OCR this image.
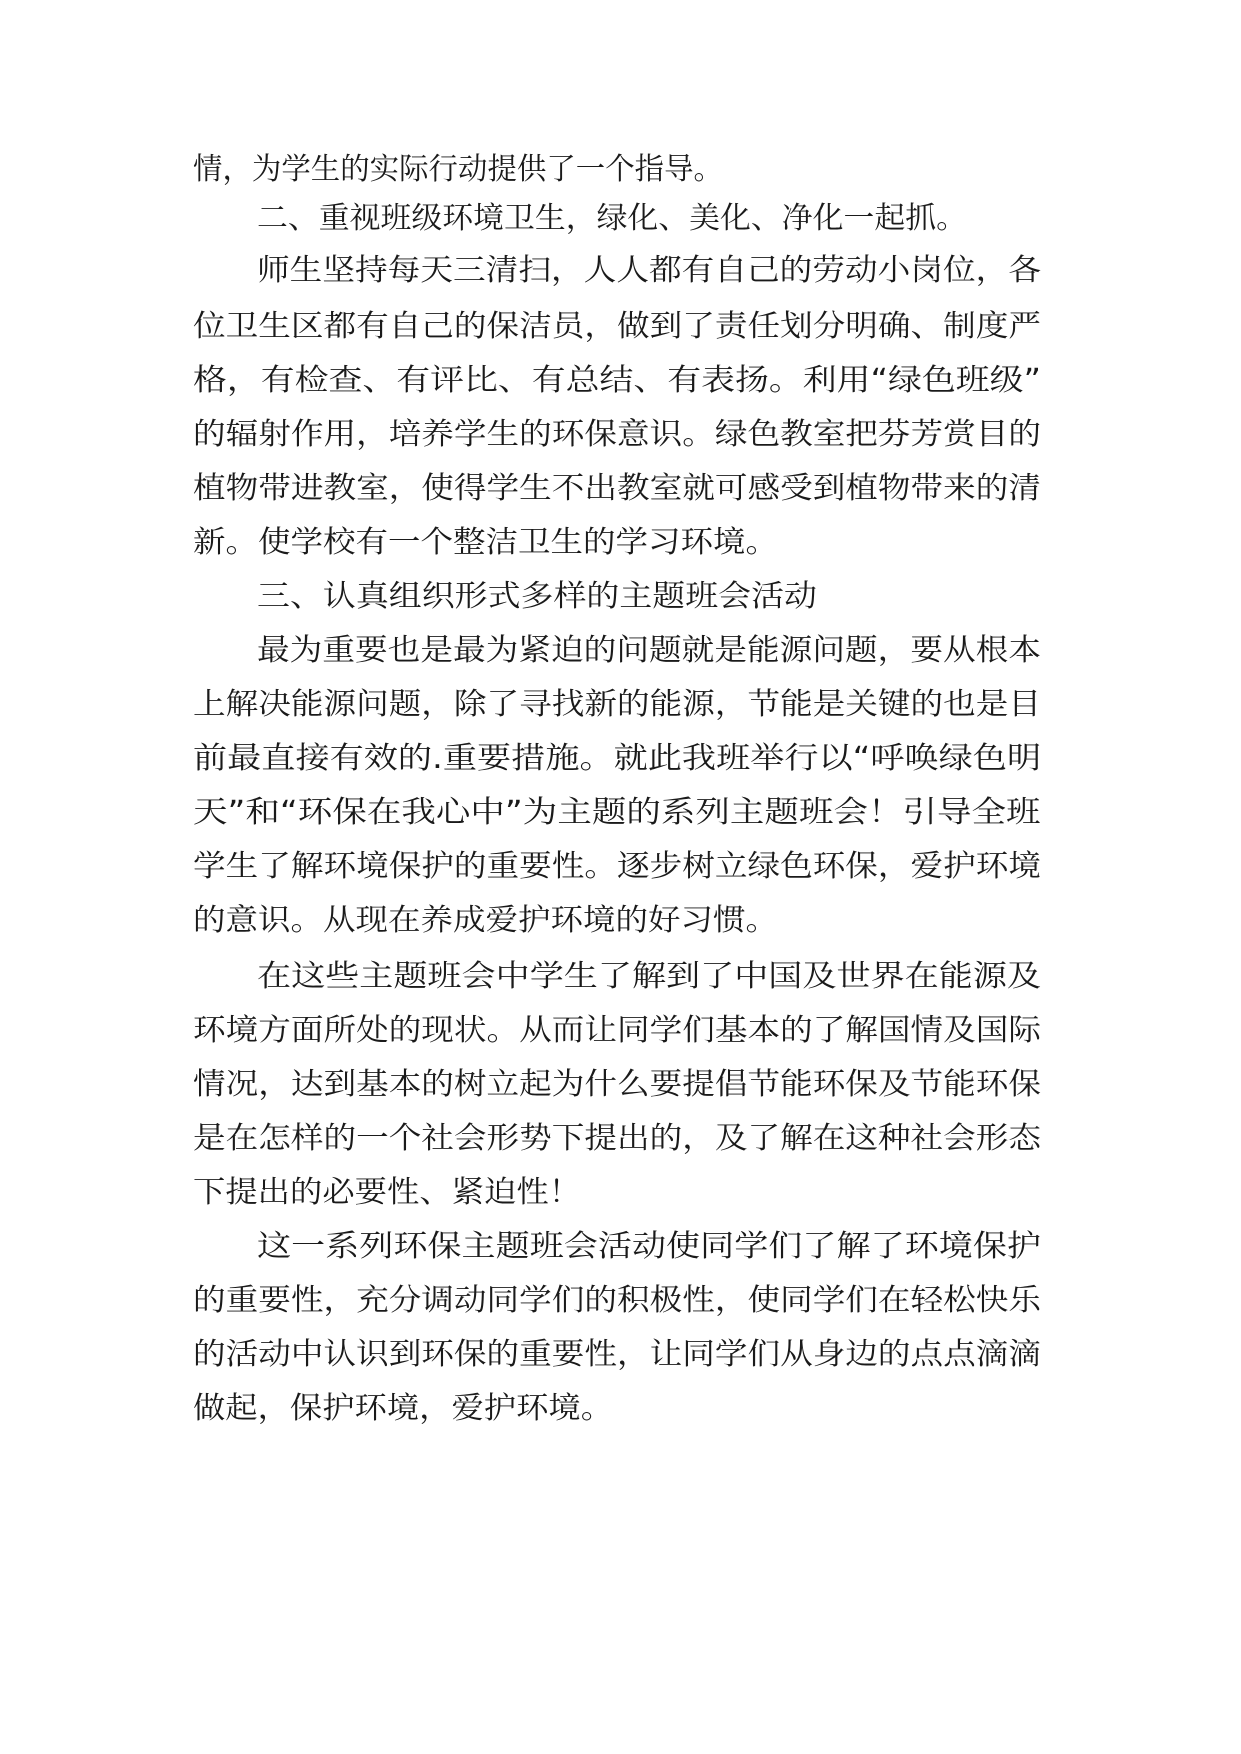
情，为学生的实际行动提供了一个指导。

二、重视班级环境卫生，绿化、美化、净化一起抓。

师生坚持每天三清扫，人人都有自己的劳动小岗位，各

位卫生区都有自己的保洁员，做到了责任划分明确、制度严

格，有检查、有评比、有总结、有表扬。利用“绿色班级”

的辐射作用，培养学生的环保意识。绿色教室把芬芳赏目的

植物带进教室，使得学生不出教室就可感受到植物带来的清

新。使学校有一个整洁卫生的学习环境。

三、认真组织形式多样的主题班会活动

最为重要也是最为紧迫的问题就是能源问题，要从根本

上解决能源问题，除了寻找新的能源，节能是关键的也是目

前最直接有效的.重要措施。就此我班举行以“呼唤绿色明

天”和“环保在我心中”为主题的系列主题班会！引导全班

学生了解环境保护的重要性。逐步树立绿色环保，爱护环境

的意识。从现在养成爱护环境的好习惯。

在这些主题班会中学生了解到了中国及世界在能源及

环境方面所处的现状。从而让同学们基本的了解国情及国际

情况，达到基本的树立起为什么要提倡节能环保及节能环保

是在怎样的一个社会形势下提出的，及了解在这种社会形态

下提出的必要性、紧迫性！

这一系列环保主题班会活动使同学们了解了环境保护

的重要性，充分调动同学们的积极性，使同学们在轻松快乐

的活动中认识到环保的重要性，让同学们从身边的点点滴滴

做起，保护环境，爱护环境。
